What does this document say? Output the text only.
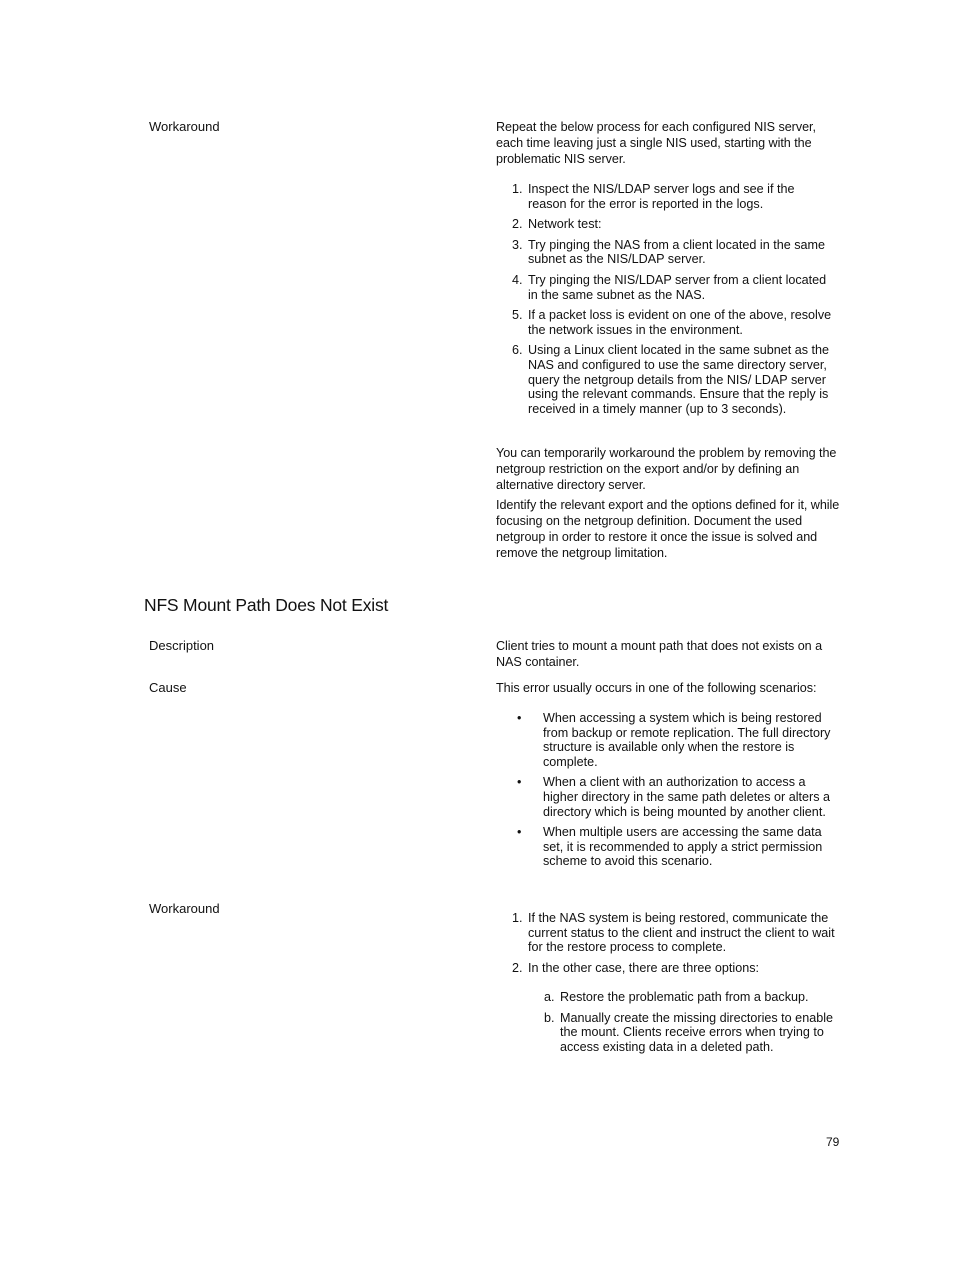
Workaround	Repeat the below process for each configured NIS server, each time leaving just a single NIS used, starting with the problematic NIS server.
1. Inspect the NIS/LDAP server logs and see if the reason for the error is reported in the logs.
2. Network test:
3. Try pinging the NAS from a client located in the same subnet as the NIS/LDAP server.
4. Try pinging the NIS/LDAP server from a client located in the same subnet as the NAS.
5. If a packet loss is evident on one of the above, resolve the network issues in the environment.
6. Using a Linux client located in the same subnet as the NAS and configured to use the same directory server, query the netgroup details from the NIS/ LDAP server using the relevant commands. Ensure that the reply is received in a timely manner (up to 3 seconds).
You can temporarily workaround the problem by removing the netgroup restriction on the export and/or by defining an alternative directory server.
Identify the relevant export and the options defined for it, while focusing on the netgroup definition. Document the used netgroup in order to restore it once the issue is solved and remove the netgroup limitation.
NFS Mount Path Does Not Exist
Description	Client tries to mount a mount path that does not exists on a NAS container.
Cause	This error usually occurs in one of the following scenarios:
•	When accessing a system which is being restored from backup or remote replication. The full directory structure is available only when the restore is complete.
•	When a client with an authorization to access a higher directory in the same path deletes or alters a directory which is being mounted by another client.
•	When multiple users are accessing the same data set, it is recommended to apply a strict permission scheme to avoid this scenario.
Workaround
1. If the NAS system is being restored, communicate the current status to the client and instruct the client to wait for the restore process to complete.
2. In the other case, there are three options:
a. Restore the problematic path from a backup.
b. Manually create the missing directories to enable the mount. Clients receive errors when trying to access existing data in a deleted path.
79
